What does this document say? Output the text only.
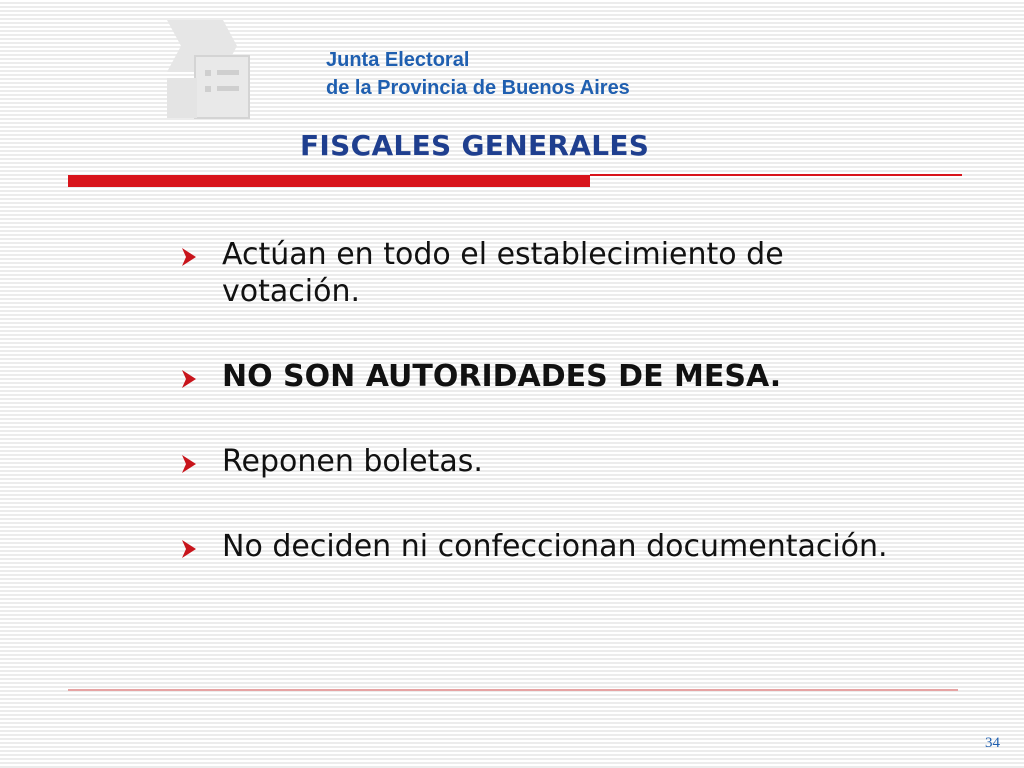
Junta Electoral
de la Provincia de Buenos Aires
FISCALES GENERALES
Actúan en todo el establecimiento de votación.
NO SON AUTORIDADES DE MESA.
Reponen boletas.
No deciden ni confeccionan documentación.
34
